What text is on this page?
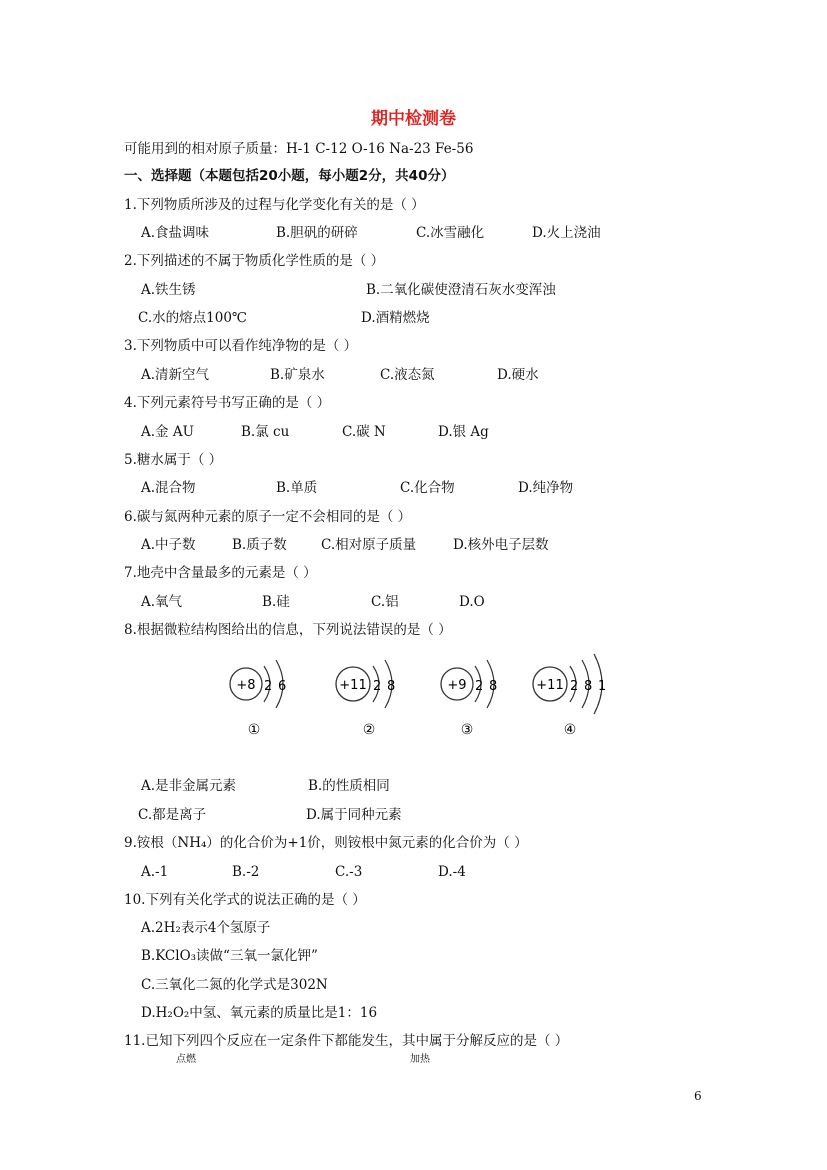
期中检测卷
可能用到的相对原子质量：H-1 C-12 O-16 Na-23 Fe-56
一、选择题（本题包括20小题，每小题2分，共40分）
1.下列物质所涉及的过程与化学变化有关的是（ ）
A.食盐调味	B.胆矾的研碎	C.冰雪融化	D.火上浇油
2.下列描述的不属于物质化学性质的是（ ）
A.铁生锈	B.二氧化碳使澄清石灰水变浑浊
C.水的熔点100℃	D.酒精燃烧
3.下列物质中可以看作纯净物的是（ ）
A.清新空气	B.矿泉水	C.液态氮	D.硬水
4.下列元素符号书写正确的是（ ）
A.金 AU	B.氯 cu	C.碳 N	D.银 Ag
5.糖水属于（ ）
A.混合物	B.单质	C.化合物	D.纯净物
6.碳与氮两种元素的原子一定不会相同的是（ ）
A.中子数	B.质子数	C.相对原子质量	D.核外电子层数
7.地壳中含量最多的元素是（ ）
A.氧气	B.硅	C.铝	D.O
8.根据微粒结构图给出的信息，下列说法错误的是（ ）
+8 2 6
①
+11 2 8
②
+9 2 8
③
+11 2 8 1
④
A.是非金属元素	B.的性质相同
C.都是离子	D.属于同种元素
9.铵根（NH₄）的化合价为+1价，则铵根中氮元素的化合价为（ ）
A.-1	B.-2	C.-3	D.-4
10.下列有关化学式的说法正确的是（ ）
A.2H₂表示4个氢原子
B.KClO₃读做“三氧一氯化钾”
C.三氧化二氮的化学式是302N
D.H₂O₂中氢、氧元素的质量比是1：16
11.已知下列四个反应在一定条件下都能发生，其中属于分解反应的是（ ）
点燃	加热
6
